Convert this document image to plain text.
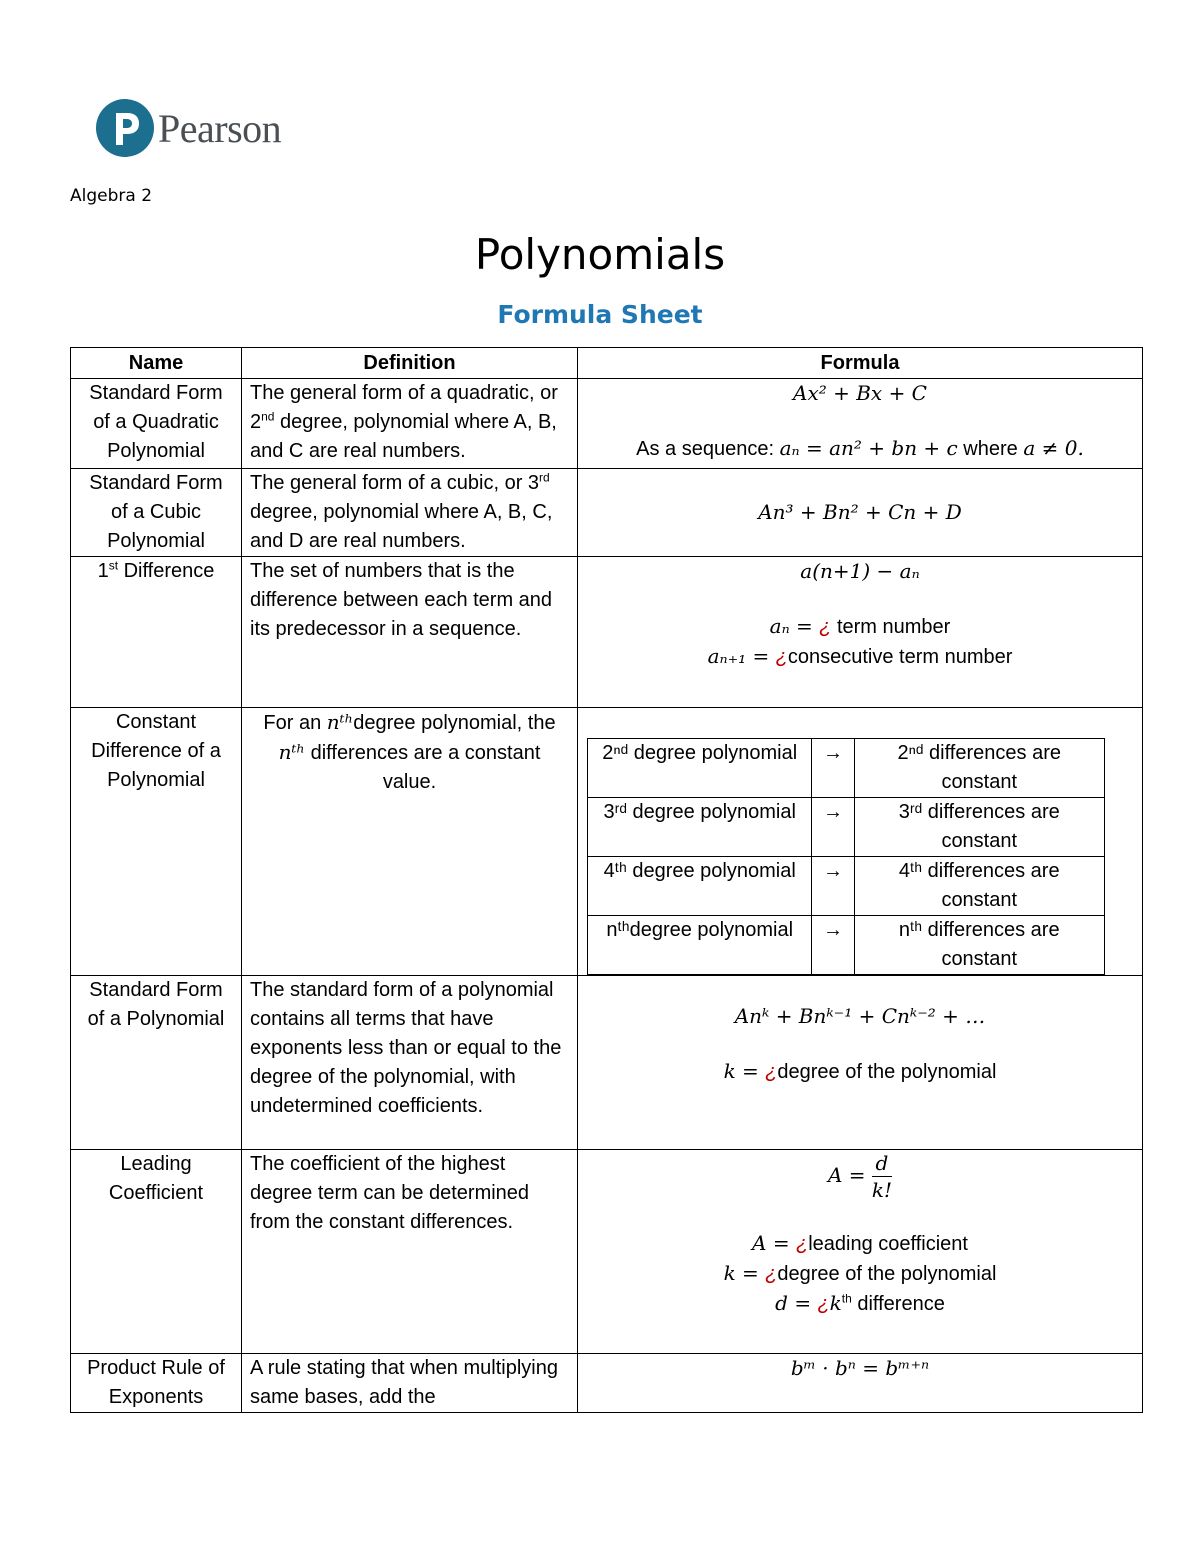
Pearson
Algebra 2
Polynomials
Formula Sheet
Name	Definition	Formula
Standard Form of a Quadratic Polynomial	The general form of a quadratic, or 2nd degree, polynomial where A, B, and C are real numbers.	
Ax² + Bx + C
As a sequence: aₙ = an² + bn + c where a ≠ 0.

Standard Form of a Cubic Polynomial	The general form of a cubic, or 3rd degree, polynomial where A, B, C, and D are real numbers.	
An³ + Bn² + Cn + D

1st Difference	The set of numbers that is the difference between each term and its predecessor in a sequence.	
a(n+1) − aₙ
aₙ = ¿ term number
aₙ₊₁ = ¿consecutive term number

Constant Difference of a Polynomial	For an nᵗʰdegree polynomial, the nᵗʰ differences are a constant value.	
2ⁿᵈ degree polynomial	→	2ⁿᵈ differences are constant
3ʳᵈ degree polynomial	→	3ʳᵈ differences are constant
4ᵗʰ degree polynomial	→	4ᵗʰ differences are constant
nᵗʰdegree polynomial	→	nᵗʰ differences are constant

Standard Form of a Polynomial	The standard form of a polynomial contains all terms that have exponents less than or equal to the degree of the polynomial, with undetermined coefficients.	
Anᵏ + Bnᵏ⁻¹ + Cnᵏ⁻² + …
k = ¿degree of the polynomial

Leading Coefficient	The coefficient of the highest degree term can be determined from the constant differences.	
$A = \frac{d}{k!}$
A = ¿leading coefficient
k = ¿degree of the polynomial
$d = ¿k^{th}$ difference

Product Rule of Exponents	A rule stating that when multiplying same bases, add the	
bᵐ · bⁿ = bᵐ⁺ⁿ
